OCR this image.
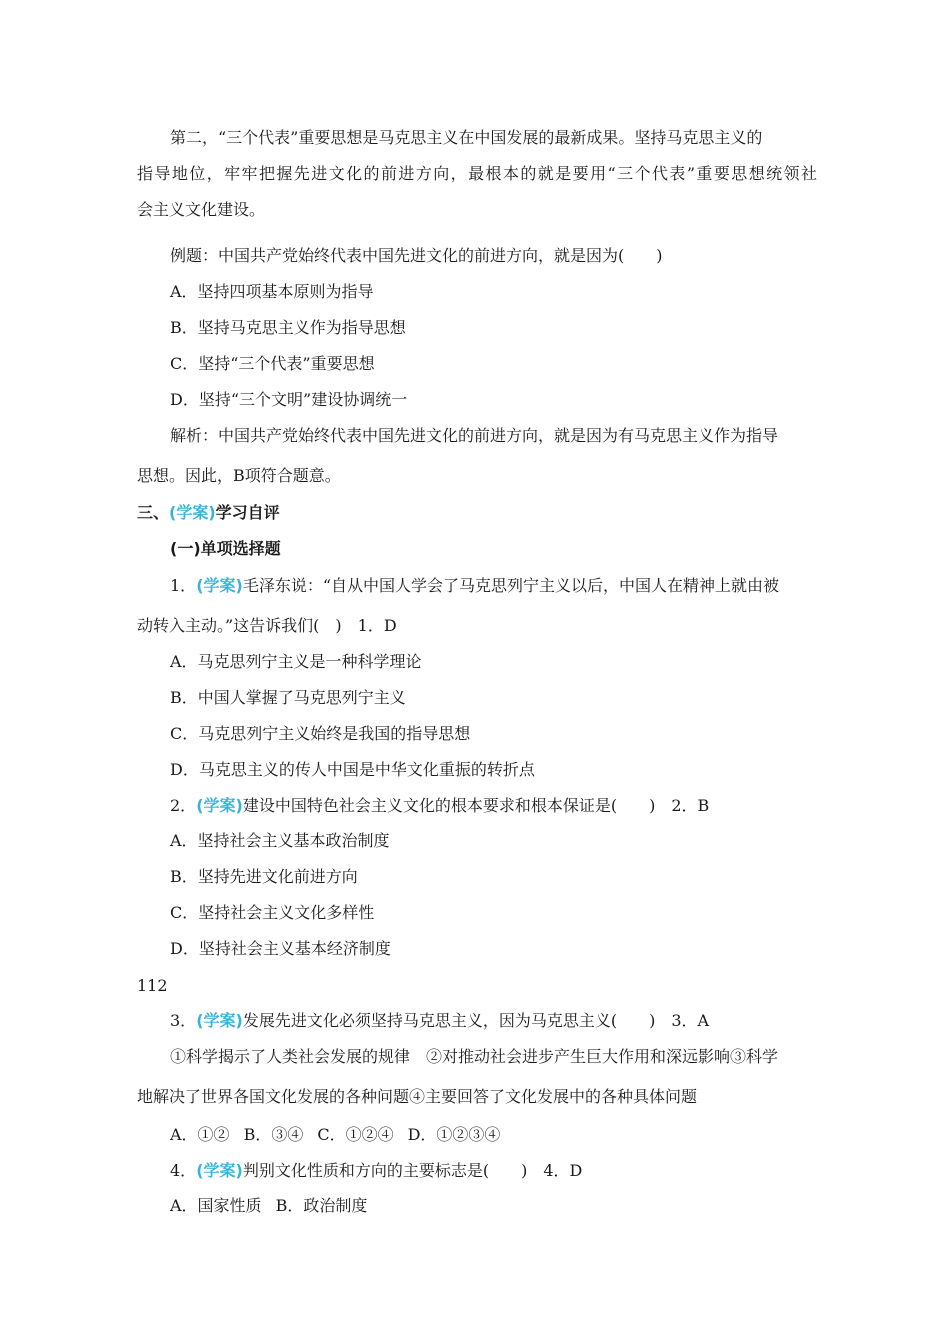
第二，“三个代表”重要思想是马克思主义在中国发展的最新成果。坚持马克思主义的
指导地位，牢牢把握先进文化的前进方向，最根本的就是要用“三个代表”重要思想统领社
会主义文化建设。
例题：中国共产党始终代表中国先进文化的前进方向，就是因为(　　)
A．坚持四项基本原则为指导
B．坚持马克思主义作为指导思想
C．坚持“三个代表”重要思想
D．坚持“三个文明”建设协调统一
解析：中国共产党始终代表中国先进文化的前进方向，就是因为有马克思主义作为指导
思想。因此，B项符合题意。
三、(学案)学习自评
(一)单项选择题
1．(学案)毛泽东说：“自从中国人学会了马克思列宁主义以后，中国人在精神上就由被
动转入主动。”这告诉我们(　)　1．D
A．马克思列宁主义是一种科学理论
B．中国人掌握了马克思列宁主义
C．马克思列宁主义始终是我国的指导思想
D．马克思主义的传人中国是中华文化重振的转折点
2．(学案)建设中国特色社会主义文化的根本要求和根本保证是(　　)　2．B
A．坚持社会主义基本政治制度
B．坚持先进文化前进方向
C．坚持社会主义文化多样性
D．坚持社会主义基本经济制度
112
3．(学案)发展先进文化必须坚持马克思主义，因为马克思主义(　　)　3．A
①科学揭示了人类社会发展的规律　②对推动社会进步产生巨大作用和深远影响③科学
地解决了世界各国文化发展的各种问题④主要回答了文化发展中的各种具体问题
A．①② B．③④ C．①②④ D．①②③④
4．(学案)判别文化性质和方向的主要标志是(　　)　4．D
A．国家性质 B．政治制度
